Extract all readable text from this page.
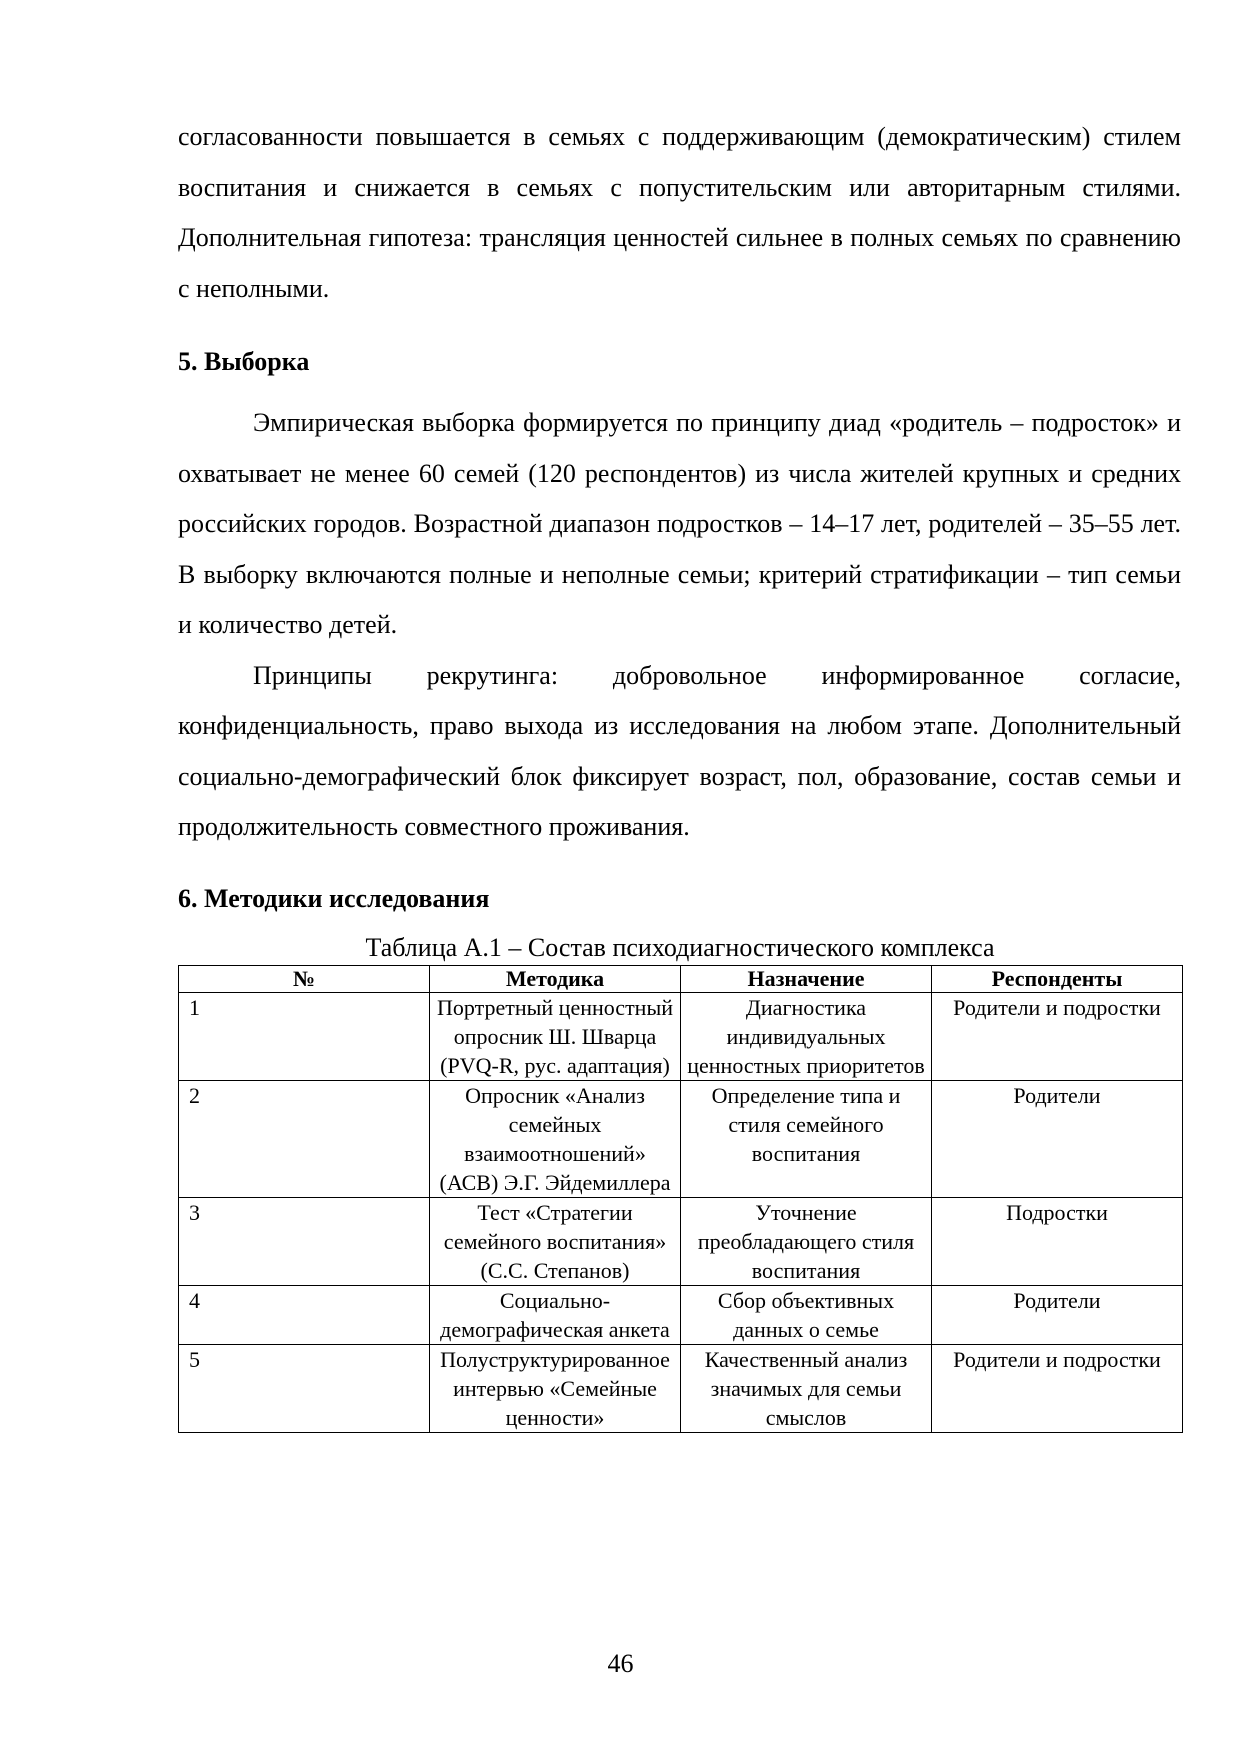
согласованности повышается в семьях с поддерживающим (демократическим) стилем воспитания и снижается в семьях с попустительским или авторитарным стилями. Дополнительная гипотеза: трансляция ценностей сильнее в полных семьях по сравнению с неполными.

5. Выборка

Эмпирическая выборка формируется по принципу диад «родитель – подросток» и охватывает не менее 60 семей (120 респондентов) из числа жителей крупных и средних российских городов. Возрастной диапазон подростков – 14–17 лет, родителей – 35–55 лет. В выборку включаются полные и неполные семьи; критерий стратификации – тип семьи и количество детей.

Принципы рекрутинга: добровольное информированное согласие, конфиденциальность, право выхода из исследования на любом этапе. Дополнительный социально-демографический блок фиксирует возраст, пол, образование, состав семьи и продолжительность совместного проживания.

6. Методики исследования

Таблица А.1 – Состав психодиагностического комплекса

№	Методика	Назначение	Респонденты
1	Портретный ценностный опросник Ш. Шварца (PVQ-R, рус. адаптация)	Диагностика индивидуальных ценностных приоритетов	Родители и подростки
2	Опросник «Анализ семейных взаимоотношений» (АСВ) Э.Г. Эйдемиллера	Определение типа и стиля семейного воспитания	Родители
3	Тест «Стратегии семейного воспитания» (С.С. Степанов)	Уточнение преобладающего стиля воспитания	Подростки
4	Социально-демографическая анкета	Сбор объективных данных о семье	Родители
5	Полуструктурированное интервью «Семейные ценности»	Качественный анализ значимых для семьи смыслов	Родители и подростки
46
